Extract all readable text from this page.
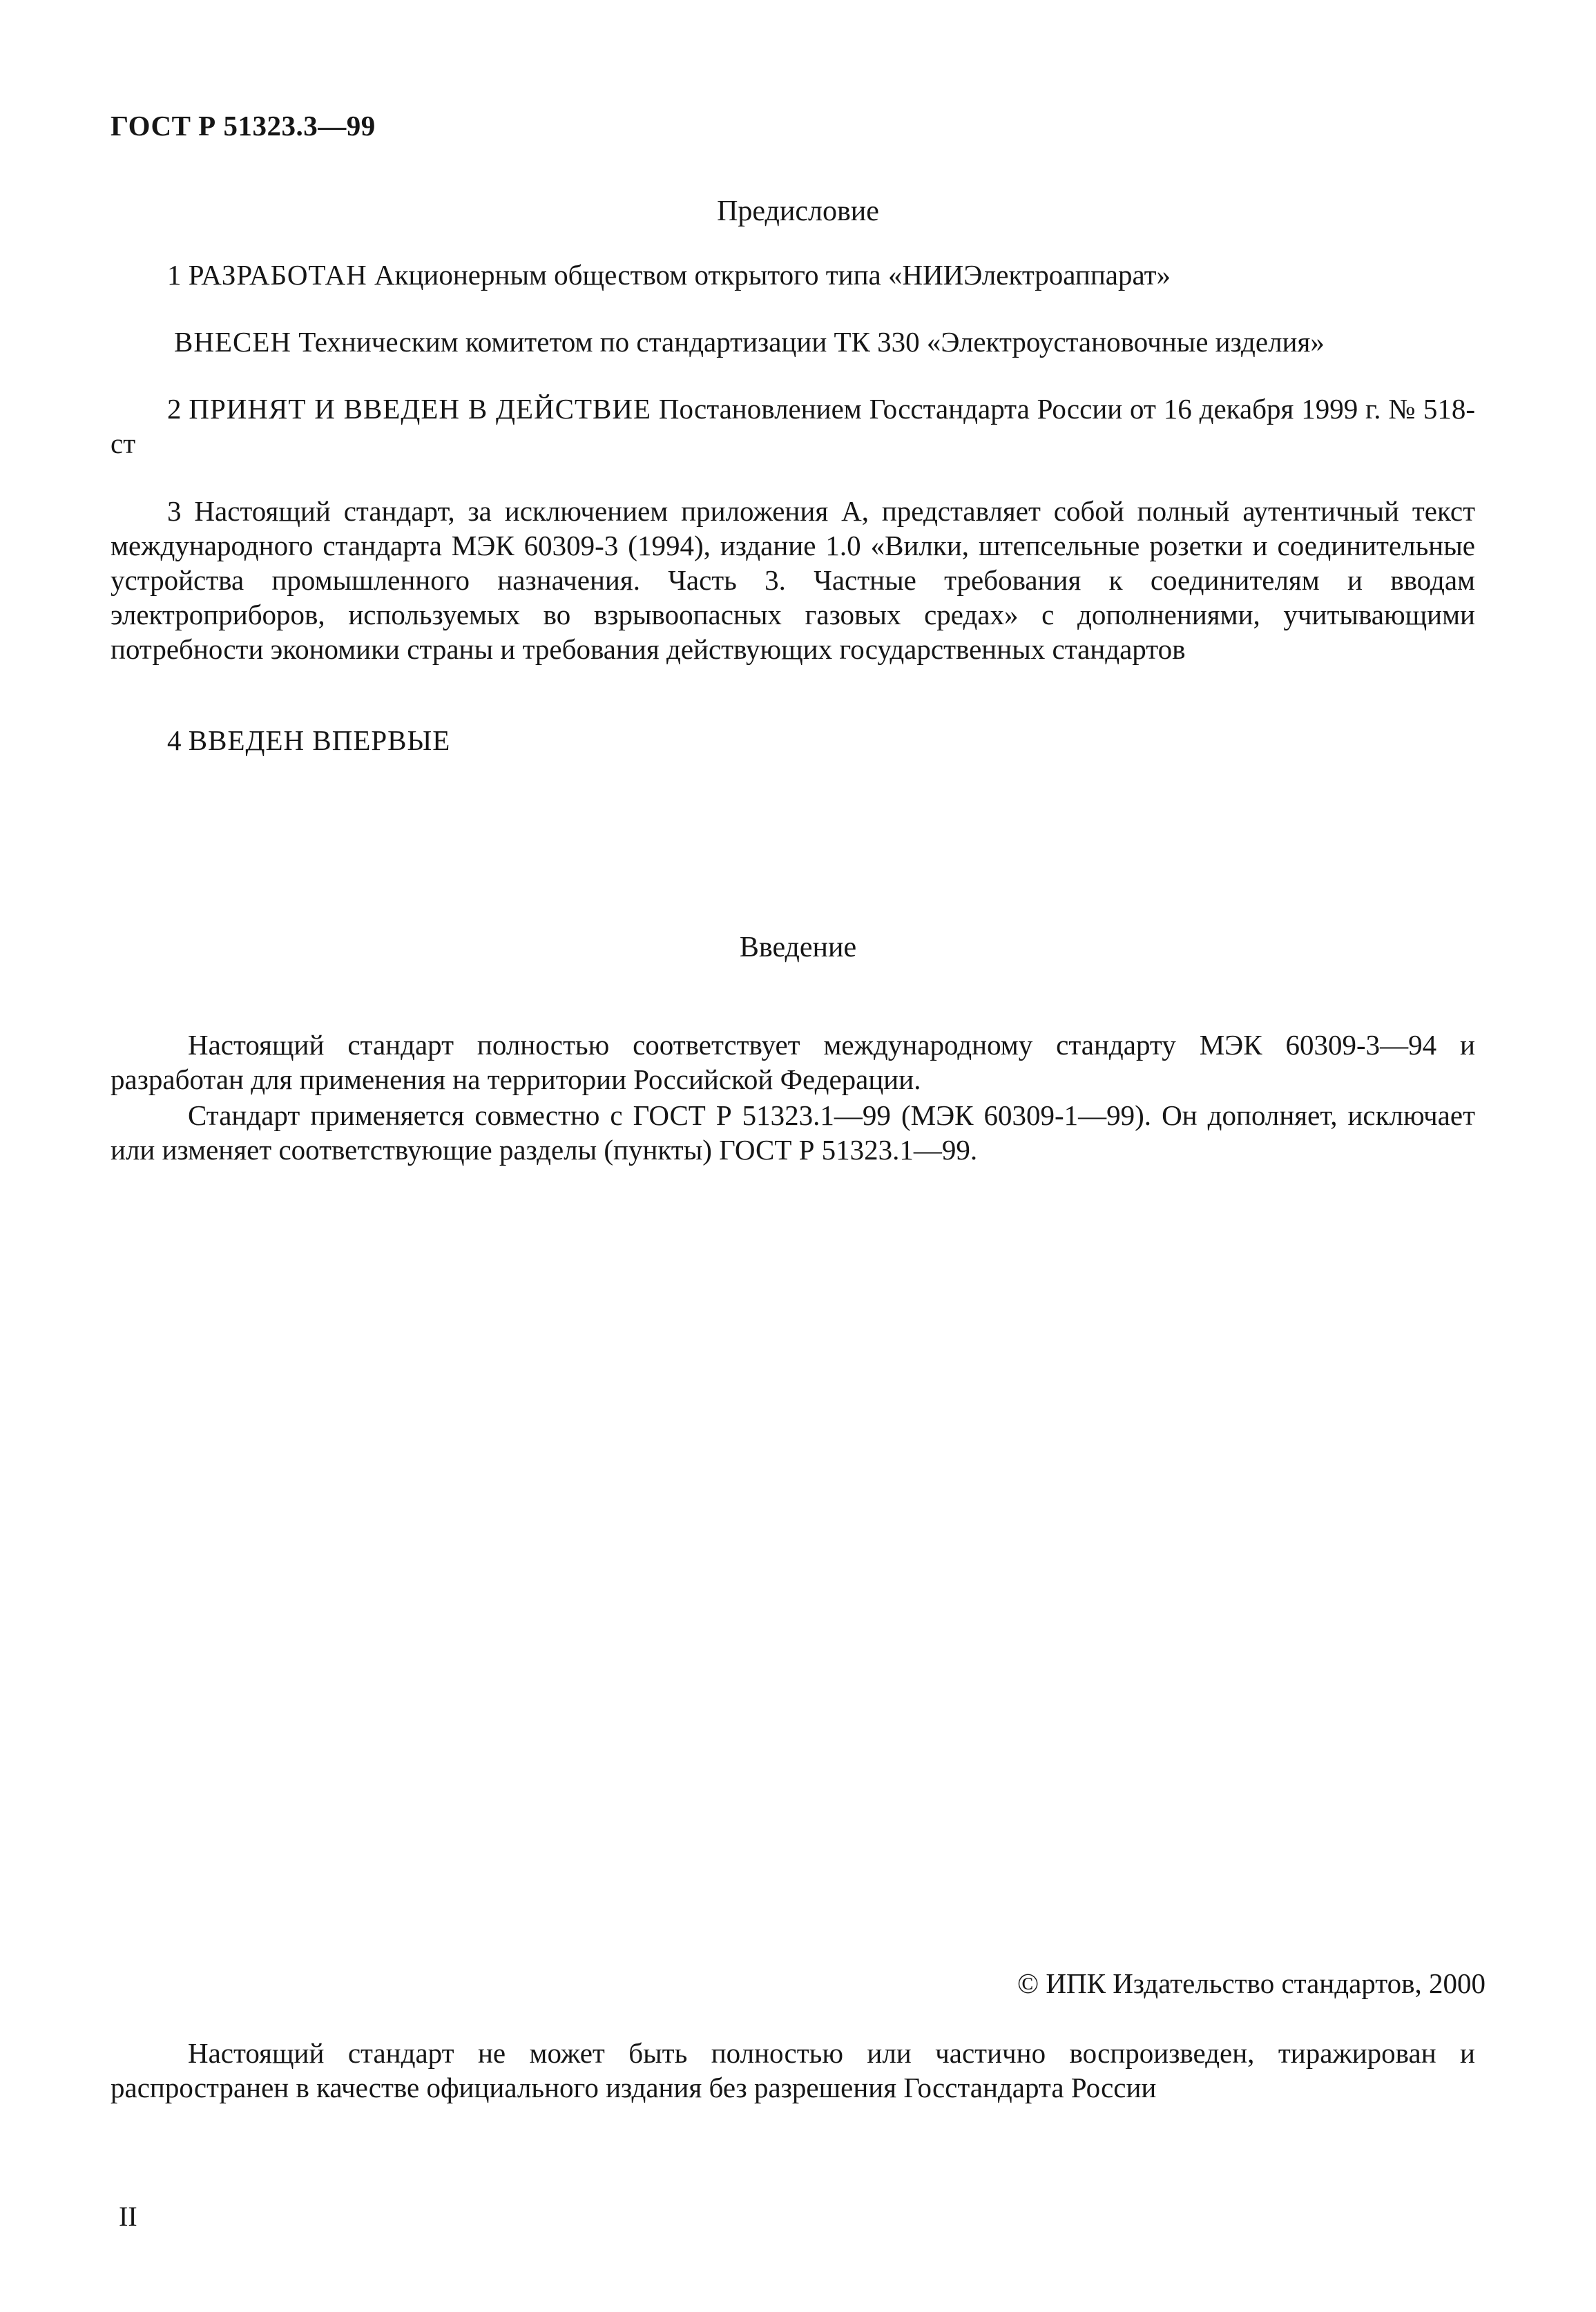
ГОСТ Р 51323.3—99
Предисловие

1 РАЗРАБОТАН Акционерным обществом открытого типа «НИИЭлектроаппарат»

ВНЕСЕН Техническим комитетом по стандартизации ТК 330 «Электроустановочные изделия»

2 ПРИНЯТ И ВВЕДЕН В ДЕЙСТВИЕ Постановлением Госстандарта России от 16 декабря 1999 г. № 518-ст

3 Настоящий стандарт, за исключением приложения А, представляет собой полный аутентичный текст международного стандарта МЭК 60309-3 (1994), издание 1.0 «Вилки, штепсельные розетки и соединительные устройства промышленного назначения. Часть 3. Частные требования к соединителям и вводам электроприборов, используемых во взрывоопасных газовых средах» с дополнениями, учитывающими потребности экономики страны и требования действующих государственных стандартов

4 ВВЕДЕН ВПЕРВЫЕ

Введение

Настоящий стандарт полностью соответствует международному стандарту МЭК 60309-3—94 и разработан для применения на территории Российской Федерации.

Стандарт применяется совместно с ГОСТ Р 51323.1—99 (МЭК 60309-1—99). Он дополняет, исключает или изменяет соответствующие разделы (пункты) ГОСТ Р 51323.1—99.

© ИПК Издательство стандартов, 2000

Настоящий стандарт не может быть полностью или частично воспроизведен, тиражирован и распространен в качестве официального издания без разрешения Госстандарта России

II
